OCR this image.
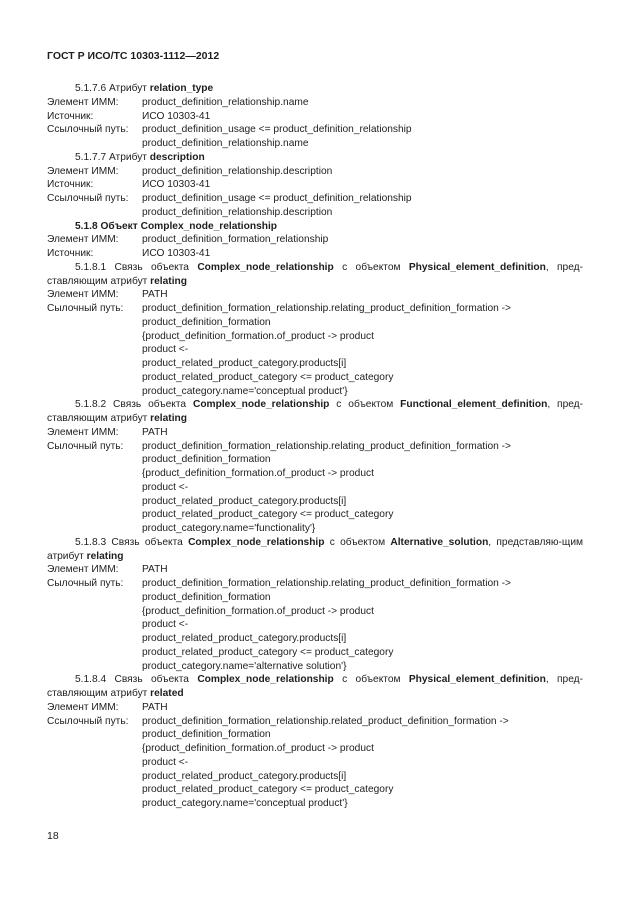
ГОСТ Р ИСО/ТС 10303-1112—2012
5.1.7.6 Атрибут relation_type
Элемент ИММ:	product_definition_relationship.name
Источник:	ИСО 10303-41
Ссылочный путь:	product_definition_usage <= product_definition_relationship
product_definition_relationship.name
5.1.7.7 Атрибут description
Элемент ИММ:	product_definition_relationship.description
Источник:	ИСО 10303-41
Ссылочный путь:	product_definition_usage <= product_definition_relationship
product_definition_relationship.description
5.1.8 Объект Complex_node_relationship
Элемент ИММ:	product_definition_formation_relationship
Источник:	ИСО 10303-41
5.1.8.1 Связь объекта Complex_node_relationship с объектом Physical_element_definition, пред-ставляющим атрибут relating
Элемент ИММ:	PATH
Сылочный путь:	product_definition_formation_relationship.relating_product_definition_formation ->
product_definition_formation
{product_definition_formation.of_product -> product
product <-
product_related_product_category.products[i]
product_related_product_category <= product_category
product_category.name='conceptual product'}
5.1.8.2 Связь объекта Complex_node_relationship с объектом Functional_element_definition, пред-ставляющим атрибут relating
Элемент ИММ:	PATH
Сылочный путь:	product_definition_formation_relationship.relating_product_definition_formation ->
product_definition_formation
{product_definition_formation.of_product -> product
product <-
product_related_product_category.products[i]
product_related_product_category <= product_category
product_category.name='functionality'}
5.1.8.3 Связь объекта Complex_node_relationship с объектом Alternative_solution, представляю-щим атрибут relating
Элемент ИММ:	PATH
Сылочный путь:	product_definition_formation_relationship.relating_product_definition_formation ->
product_definition_formation
{product_definition_formation.of_product -> product
product <-
product_related_product_category.products[i]
product_related_product_category <= product_category
product_category.name='alternative solution'}
5.1.8.4 Связь объекта Complex_node_relationship с объектом Physical_element_definition, пред-ставляющим атрибут related
Элемент ИММ:	PATH
Ссылочный путь:	product_definition_formation_relationship.related_product_definition_formation ->
product_definition_formation
{product_definition_formation.of_product -> product
product <-
product_related_product_category.products[i]
product_related_product_category <= product_category
product_category.name='conceptual product'}
18
